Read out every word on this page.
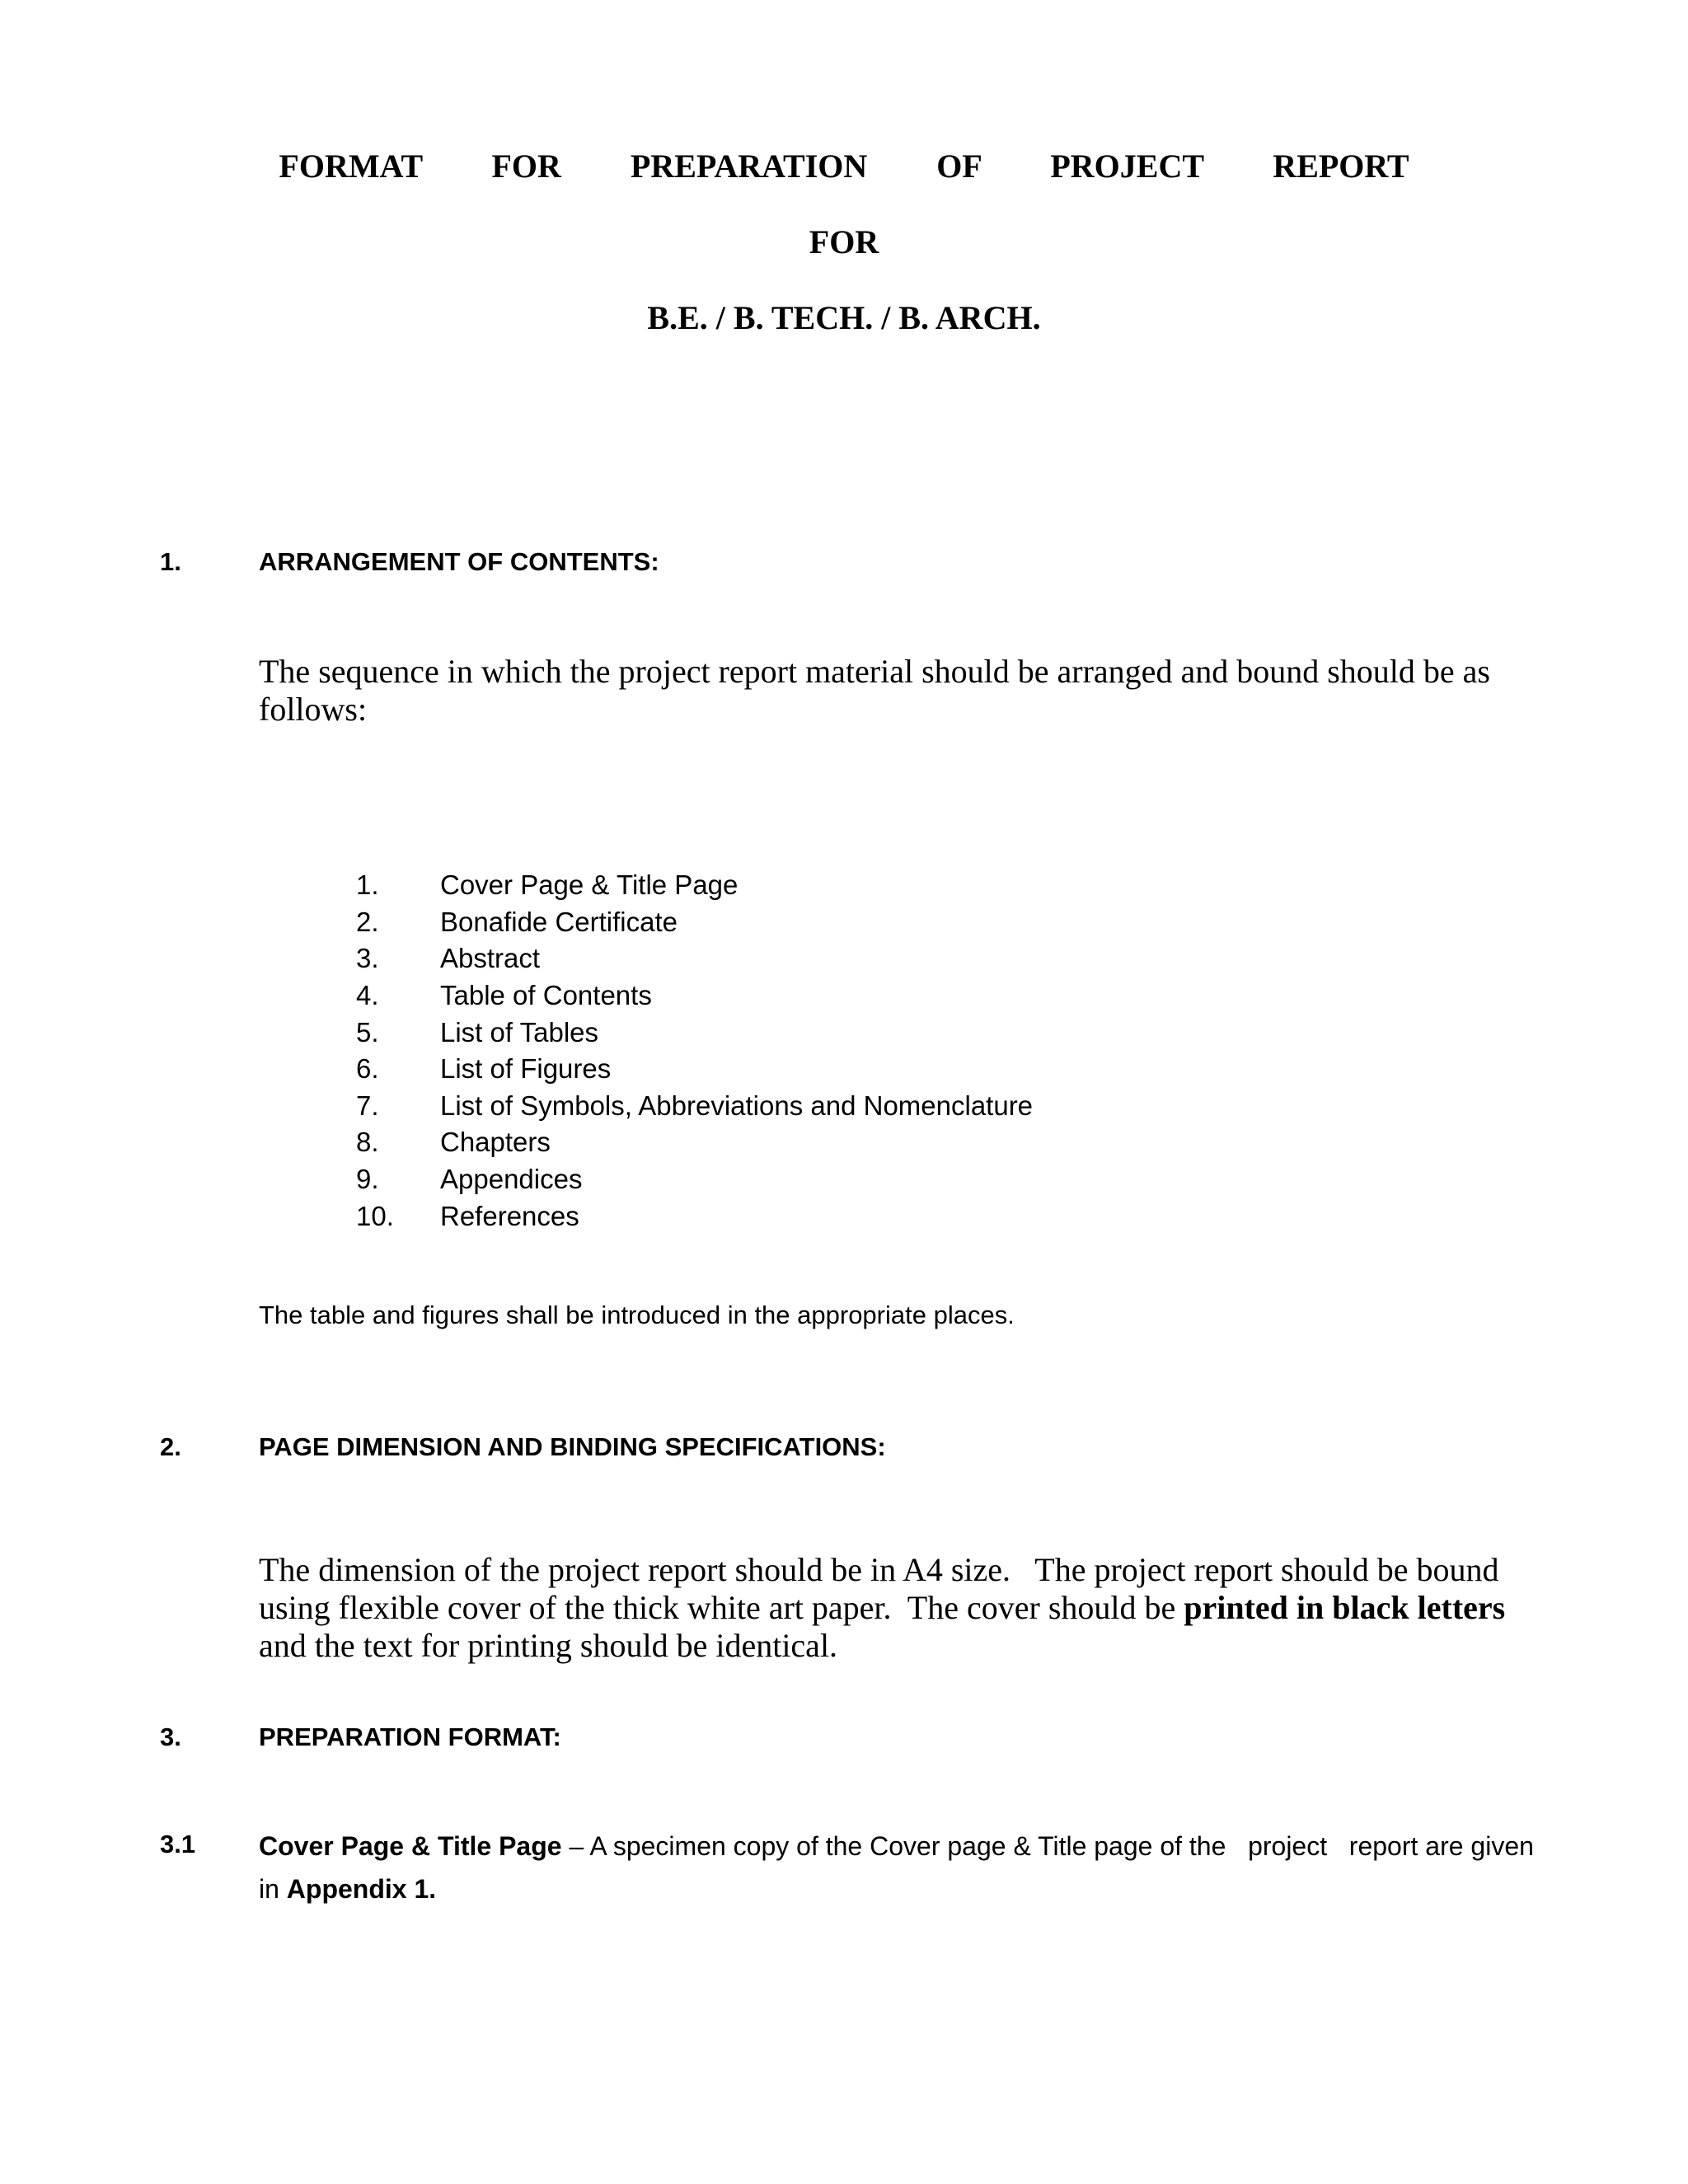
FORMAT   FOR   PREPARATION   OF   PROJECT   REPORT
FOR
B.E. / B. TECH. / B. ARCH.
1.	ARRANGEMENT OF CONTENTS:
The sequence in which the project report material should be arranged and bound should be as follows:
1.	Cover Page & Title Page
2.	Bonafide Certificate
3.	Abstract
4.	Table of Contents
5.	List of Tables
6.	List of Figures
7.	List of Symbols, Abbreviations and Nomenclature
8.	Chapters
9.	Appendices
10.	References
The table and figures shall be introduced in the appropriate places.
2.	PAGE DIMENSION AND BINDING SPECIFICATIONS:
The dimension of the project report should be in A4 size.   The project report should be bound using flexible cover of the thick white art paper.  The cover should be printed in black letters and the text for printing should be identical.
3.	PREPARATION FORMAT:
3.1 Cover Page & Title Page – A specimen copy of the Cover page & Title page of the   project   report are given in Appendix 1.
